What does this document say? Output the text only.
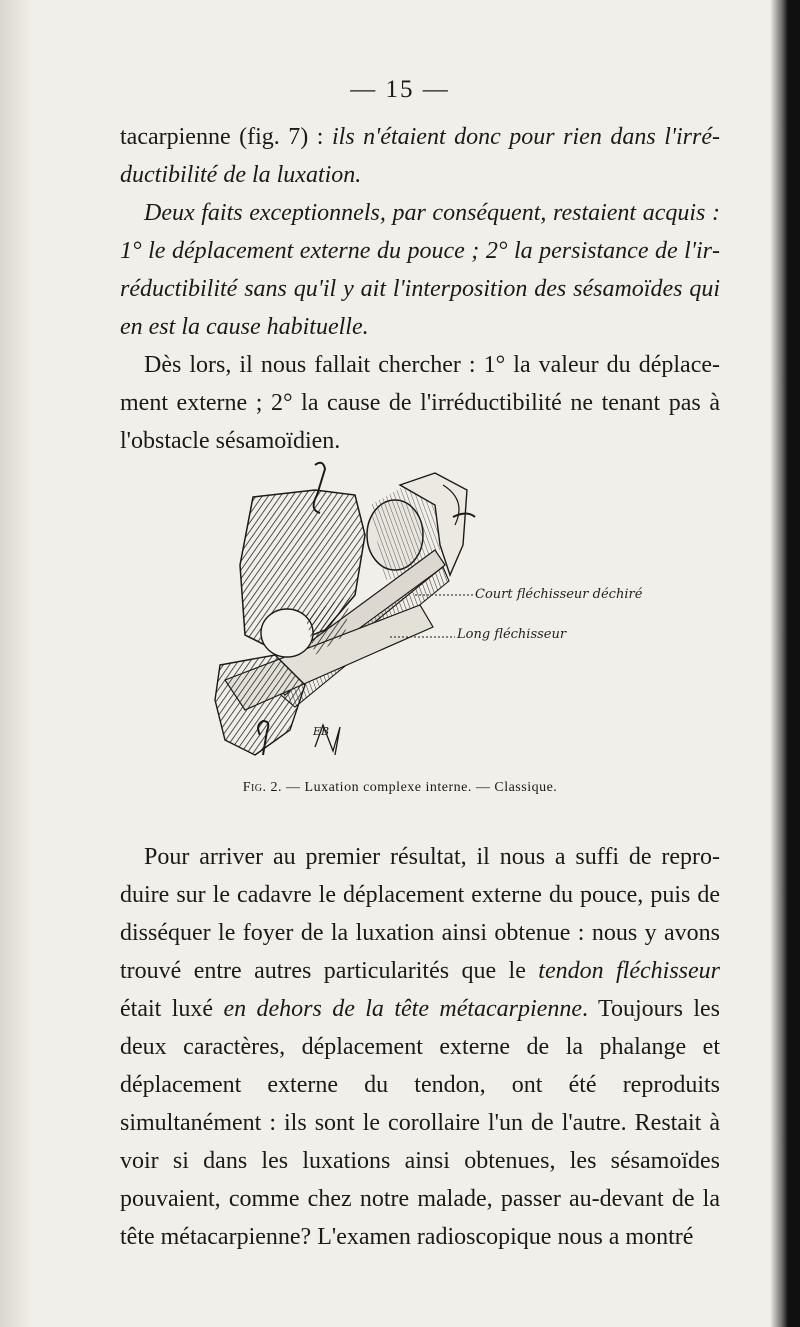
— 15 —

tacarpienne (fig. 7) : ils n'étaient donc pour rien dans l'irréductibilité de la luxation.

Deux faits exceptionnels, par conséquent, restaient acquis : 1° le déplacement externe du pouce ; 2° la persistance de l'irréductibilité sans qu'il y ait l'interposition des sésamoïdes qui en est la cause habituelle.

Dès lors, il nous fallait chercher : 1° la valeur du déplacement externe ; 2° la cause de l'irréductibilité ne tenant pas à l'obstacle sésamoïdien.

Court fléchisseur déchiré
Long fléchisseur
EB
Fig. 2. — Luxation complexe interne. — Classique.

Pour arriver au premier résultat, il nous a suffi de reproduire sur le cadavre le déplacement externe du pouce, puis de disséquer le foyer de la luxation ainsi obtenue : nous y avons trouvé entre autres particularités que le tendon fléchisseur était luxé en dehors de la tête métacarpienne. Toujours les deux caractères, déplacement externe de la phalange et déplacement externe du tendon, ont été reproduits simultanément : ils sont le corollaire l'un de l'autre. Restait à voir si dans les luxations ainsi obtenues, les sésamoïdes pouvaient, comme chez notre malade, passer au-devant de la tête métacarpienne? L'examen radioscopique nous a montré
